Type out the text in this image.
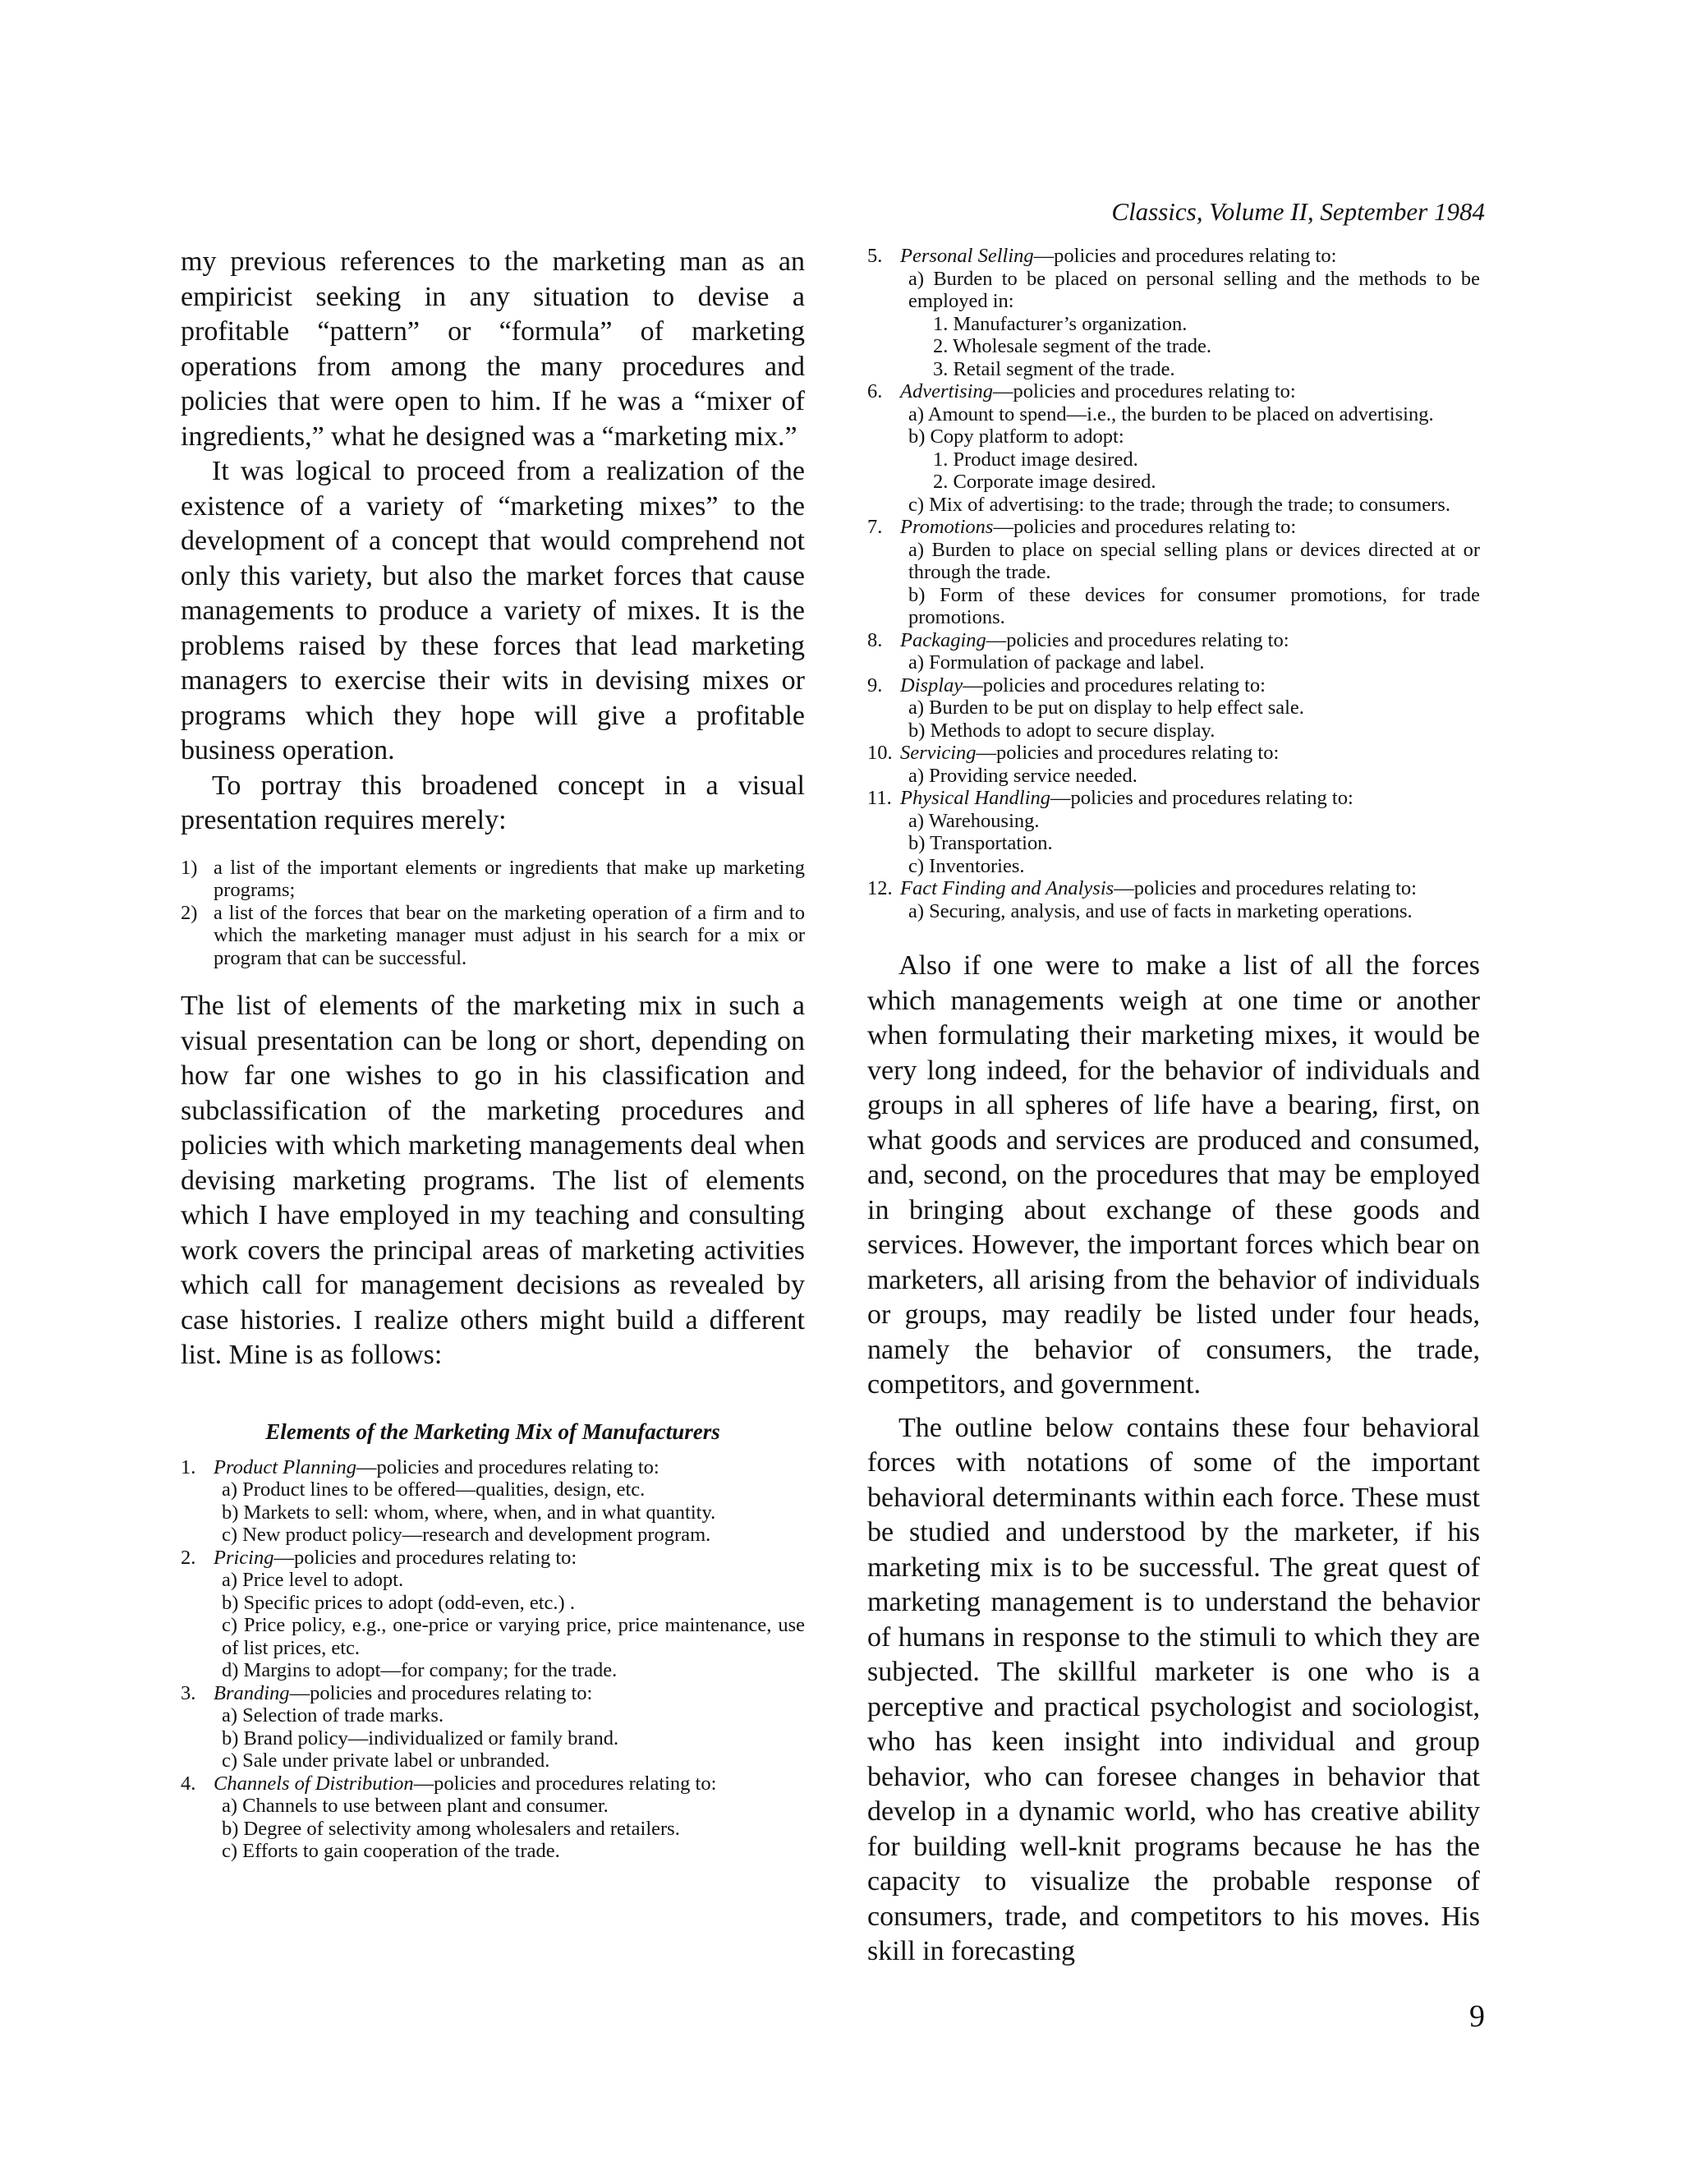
Classics, Volume II, September 1984

my previous references to the marketing man as an empiricist seeking in any situation to devise a profitable “pattern” or “formula” of marketing operations from among the many procedures and policies that were open to him. If he was a “mixer of ingredients,” what he designed was a “marketing mix.”

It was logical to proceed from a realization of the existence of a variety of “marketing mixes” to the development of a concept that would comprehend not only this variety, but also the market forces that cause managements to produce a variety of mixes. It is the problems raised by these forces that lead marketing managers to exercise their wits in devising mixes or programs which they hope will give a profitable business operation.

To portray this broadened concept in a visual presentation requires merely:

1) a list of the important elements or ingredients that make up marketing programs;
2) a list of the forces that bear on the marketing operation of a firm and to which the marketing manager must adjust in his search for a mix or program that can be successful.

The list of elements of the marketing mix in such a visual presentation can be long or short, depending on how far one wishes to go in his classification and subclassification of the marketing procedures and policies with which marketing managements deal when devising marketing programs. The list of elements which I have employed in my teaching and consulting work covers the principal areas of marketing activities which call for management decisions as revealed by case histories. I realize others might build a different list. Mine is as follows:

Elements of the Marketing Mix of Manufacturers
1. Product Planning—policies and procedures relating to:
a) Product lines to be offered—qualities, design, etc.
b) Markets to sell: whom, where, when, and in what quantity.
c) New product policy—research and development program.
2. Pricing—policies and procedures relating to:
a) Price level to adopt.
b) Specific prices to adopt (odd-even, etc.) .
c) Price policy, e.g., one-price or varying price, price maintenance, use of list prices, etc.
d) Margins to adopt—for company; for the trade.
3. Branding—policies and procedures relating to:
a) Selection of trade marks.
b) Brand policy—individualized or family brand.
c) Sale under private label or unbranded.
4. Channels of Distribution—policies and procedures relating to:
a) Channels to use between plant and consumer.
b) Degree of selectivity among wholesalers and retailers.
c) Efforts to gain cooperation of the trade.
5. Personal Selling—policies and procedures relating to:
a) Burden to be placed on personal selling and the methods to be employed in:
1. Manufacturer’s organization.
2. Wholesale segment of the trade.
3. Retail segment of the trade.
6. Advertising—policies and procedures relating to:
a) Amount to spend—i.e., the burden to be placed on advertising.
b) Copy platform to adopt:
1. Product image desired.
2. Corporate image desired.
c) Mix of advertising: to the trade; through the trade; to consumers.
7. Promotions—policies and procedures relating to:
a) Burden to place on special selling plans or devices directed at or through the trade.
b) Form of these devices for consumer promotions, for trade promotions.
8. Packaging—policies and procedures relating to:
a) Formulation of package and label.
9. Display—policies and procedures relating to:
a) Burden to be put on display to help effect sale.
b) Methods to adopt to secure display.
10. Servicing—policies and procedures relating to:
a) Providing service needed.
11. Physical Handling—policies and procedures relating to:
a) Warehousing.
b) Transportation.
c) Inventories.
12. Fact Finding and Analysis—policies and procedures relating to:
a) Securing, analysis, and use of facts in marketing operations.

Also if one were to make a list of all the forces which managements weigh at one time or another when formulating their marketing mixes, it would be very long indeed, for the behavior of individuals and groups in all spheres of life have a bearing, first, on what goods and services are produced and consumed, and, second, on the procedures that may be employed in bringing about exchange of these goods and services. However, the important forces which bear on marketers, all arising from the behavior of individuals or groups, may readily be listed under four heads, namely the behavior of consumers, the trade, competitors, and government.

The outline below contains these four behavioral forces with notations of some of the important behavioral determinants within each force. These must be studied and understood by the marketer, if his marketing mix is to be successful. The great quest of marketing management is to understand the behavior of humans in response to the stimuli to which they are subjected. The skillful marketer is one who is a perceptive and practical psychologist and sociologist, who has keen insight into individual and group behavior, who can foresee changes in behavior that develop in a dynamic world, who has creative ability for building well-knit programs because he has the capacity to visualize the probable response of consumers, trade, and competitors to his moves. His skill in forecasting

9
